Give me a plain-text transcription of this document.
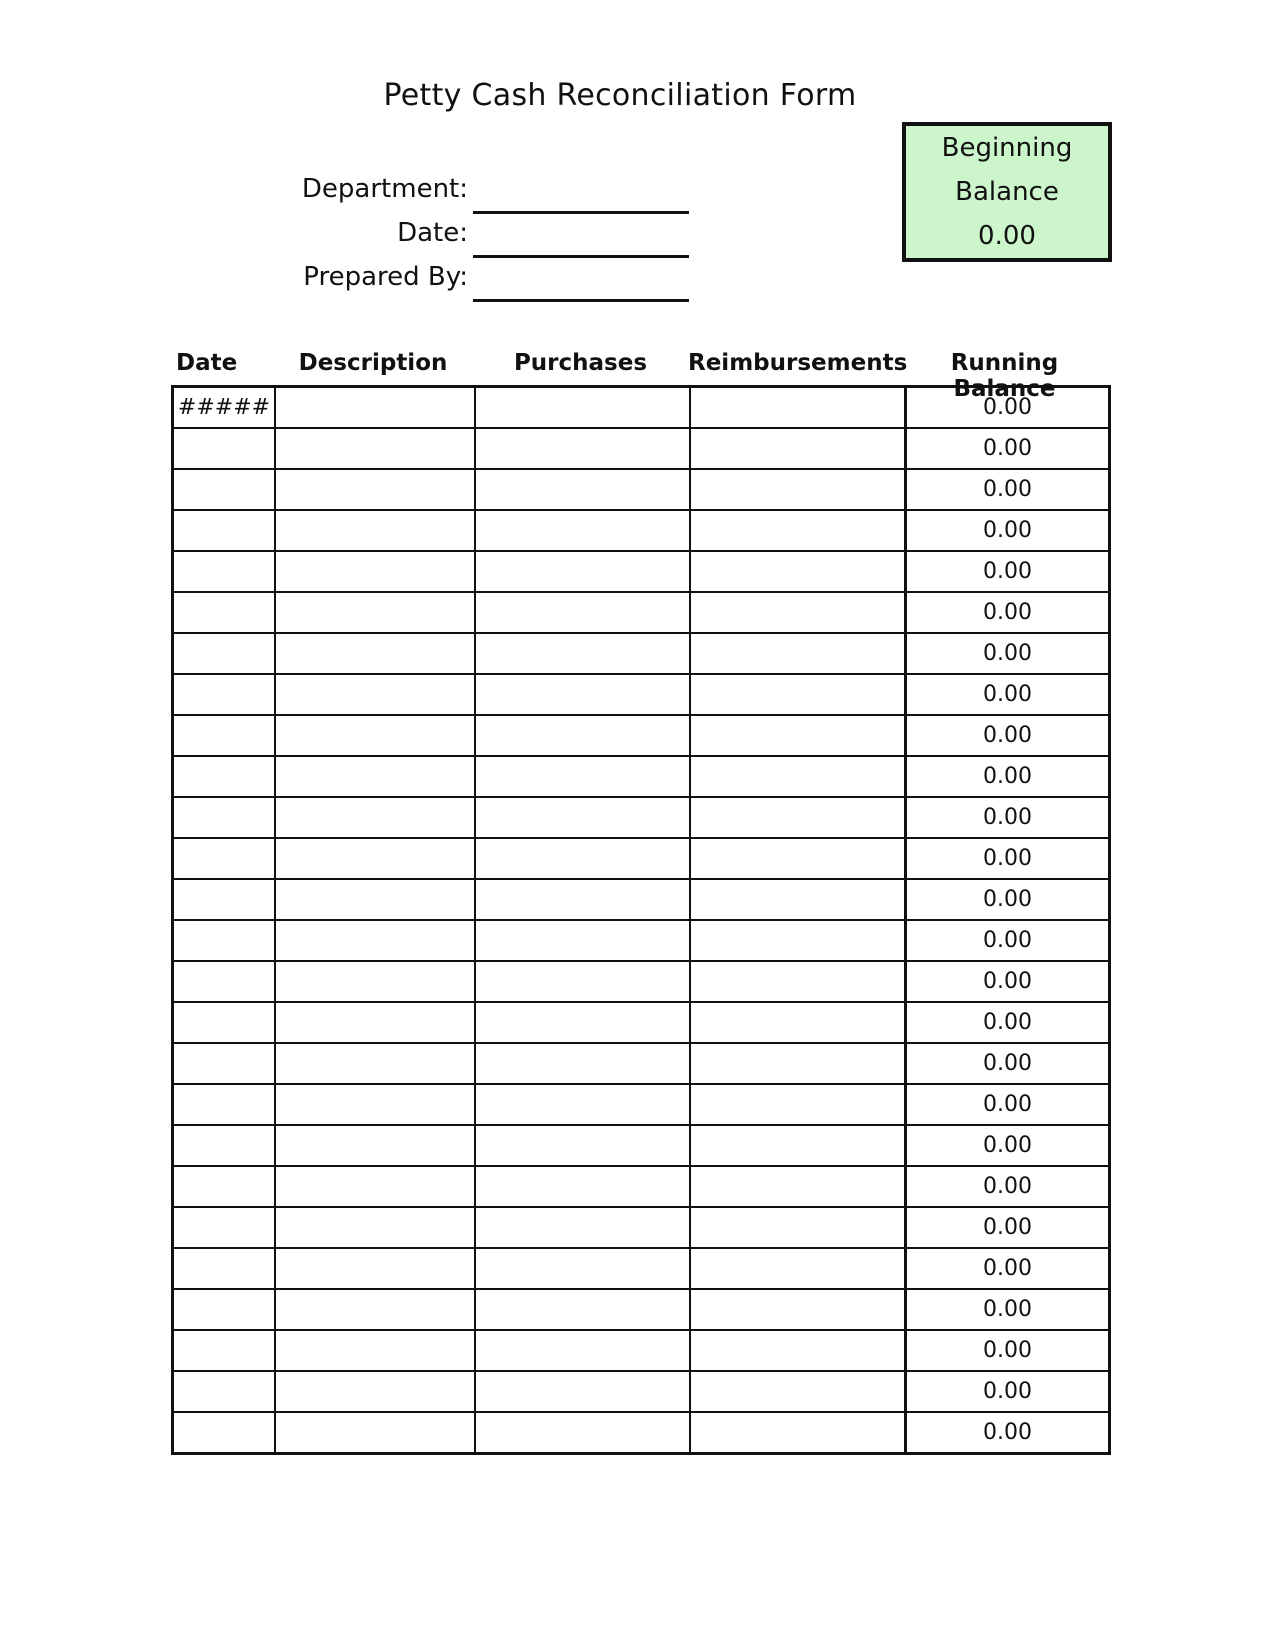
Petty Cash Reconciliation Form
Department:
Date:
Prepared By:
Beginning
Balance
0.00
Date	Description	Purchases	Reimbursements	Running Balance
#####				0.00
				0.00
				0.00
				0.00
				0.00
				0.00
				0.00
				0.00
				0.00
				0.00
				0.00
				0.00
				0.00
				0.00
				0.00
				0.00
				0.00
				0.00
				0.00
				0.00
				0.00
				0.00
				0.00
				0.00
				0.00
				0.00
